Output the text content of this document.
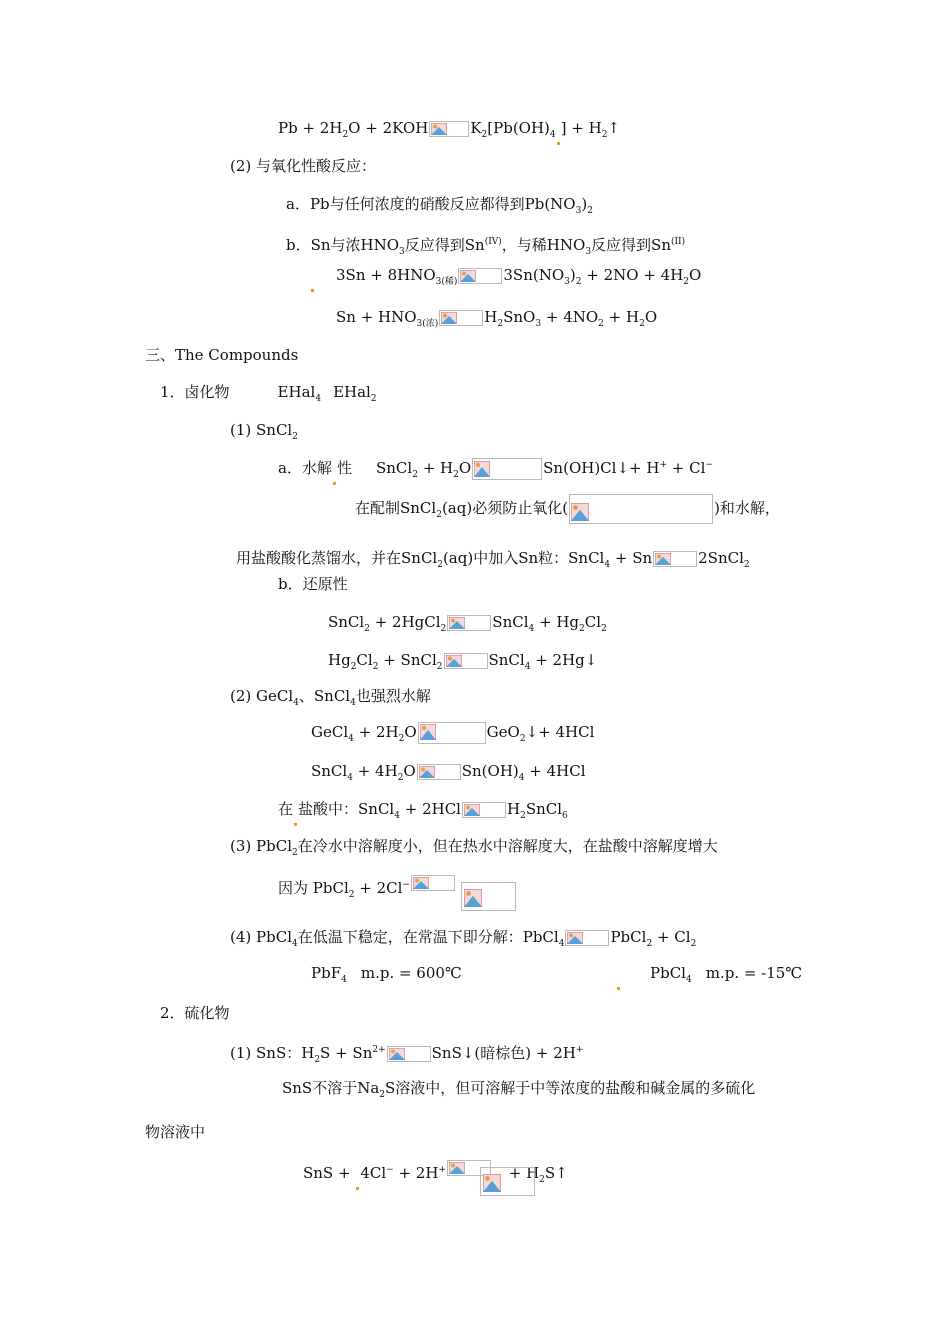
$Pb + 2H_2O + 2KOH$	$K_2[Pb(OH)_4$ ] + $H_2↑$
(2) 与氧化性酸反应：
a．Pb与任何浓度的硝酸反应都得到$Pb(NO_3)_2$
b．Sn与浓$HNO_3$反应得到$Sn^{(IV)}$，与稀$HNO_3$反应得到$Sn^{(II)}$
$3Sn + 8HNO_{3(稀)}$	$3Sn(NO_3)_2 + 2NO + 4H_2O$
$Sn + HNO_{3(浓)}$	$H_2SnO_3 + 4NO_2 + H_2O$
三、The Compounds
1．卤化物	EHal$_4$ EHal$_2$
(1) SnCl$_2$
a．水解 性 SnCl$_2$ + $H_2O$	Sn(OH)Cl↓+ H+ + Cl−
在配制SnCl$_2$(aq)必须防止氧化(	)和水解，
用盐酸酸化蒸馏水，并在SnCl$_2$(aq)中加入Sn粒：SnCl$_4$ + Sn	2SnCl$_2$
b．还原性
SnCl$_2$ + 2HgCl$_2$	SnCl$_4$ + $Hg_2Cl_2$
$Hg_2Cl_2$ + SnCl$_2$	SnCl$_4$ + 2Hg↓
(2) GeCl$_4$、SnCl$_4$也强烈水解
GeCl$_4$ + $2H_2O$	GeO$_2$↓+ 4HCl
SnCl$_4$ + $4H_2O$	$Sn(OH)_4 + 4HCl$
在 盐酸中：SnCl$_4$ + 2HCl	$H_2SnCl_6$
(3) PbCl$_2$在冷水中溶解度小，但在热水中溶解度大，在盐酸中溶解度增大
因为 PbCl$_2$ + 2Cl−
(4) PbCl$_4$在低温下稳定，在常温下即分解：PbCl$_4$	PbCl$_2$ + $Cl_2$
PbF$_4$ m.p. = 600℃	PbCl$_4$ m.p. = -15℃
2．硫化物
(1) SnS：$H_2S + Sn^{2+}$	SnS↓(暗棕色) + 2H+
SnS不溶于$Na_2S$溶液中，但可溶解于中等浓度的盐酸和碱金属的多硫化
物溶液中
SnS + 4Cl− + 2H+	+ $H_2S↑$
